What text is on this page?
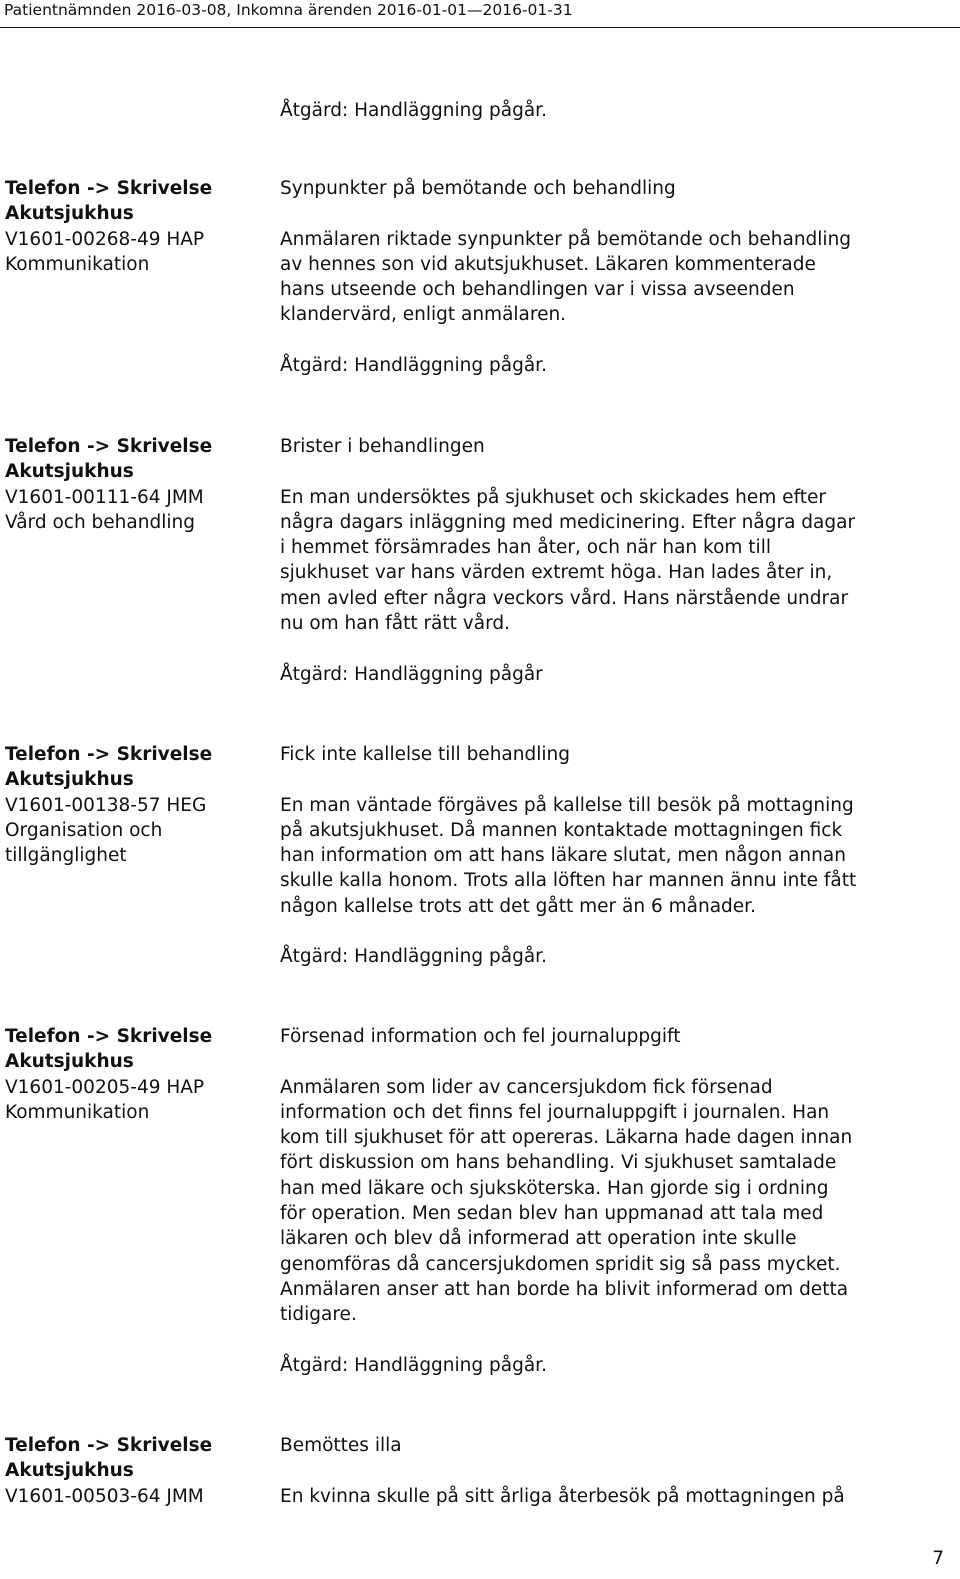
Patientnämnden 2016-03-08, Inkomna ärenden 2016-01-01—2016-01-31
Åtgärd: Handläggning pågår.
Telefon -> Skrivelse
Akutsjukhus
V1601-00268-49 HAP
Kommunikation
Synpunkter på bemötande och behandling

Anmälaren riktade synpunkter på bemötande och behandling
av hennes son vid akutsjukhuset. Läkaren kommenterade
hans utseende och behandlingen var i vissa avseenden
klandervärd, enligt anmälaren.

Åtgärd: Handläggning pågår.
Telefon -> Skrivelse
Akutsjukhus
V1601-00111-64 JMM
Vård och behandling
Brister i behandlingen

En man undersöktes på sjukhuset och skickades hem efter
några dagars inläggning med medicinering. Efter några dagar
i hemmet försämrades han åter, och när han kom till
sjukhuset var hans värden extremt höga. Han lades åter in,
men avled efter några veckors vård. Hans närstående undrar
nu om han fått rätt vård.

Åtgärd: Handläggning pågår
Telefon -> Skrivelse
Akutsjukhus
V1601-00138-57 HEG
Organisation och
tillgänglighet
Fick inte kallelse till behandling

En man väntade förgäves på kallelse till besök på mottagning
på akutsjukhuset. Då mannen kontaktade mottagningen fick
han information om att hans läkare slutat, men någon annan
skulle kalla honom. Trots alla löften har mannen ännu inte fått
någon kallelse trots att det gått mer än 6 månader.

Åtgärd: Handläggning pågår.
Telefon -> Skrivelse
Akutsjukhus
V1601-00205-49 HAP
Kommunikation
Försenad information och fel journaluppgift

Anmälaren som lider av cancersjukdom fick försenad
information och det finns fel journaluppgift i journalen. Han
kom till sjukhuset för att opereras. Läkarna hade dagen innan
fört diskussion om hans behandling. Vi sjukhuset samtalade
han med läkare och sjuksköterska. Han gjorde sig i ordning
för operation. Men sedan blev han uppmanad att tala med
läkaren och blev då informerad att operation inte skulle
genomföras då cancersjukdomen spridit sig så pass mycket.
Anmälaren anser att han borde ha blivit informerad om detta
tidigare.

Åtgärd: Handläggning pågår.
Telefon -> Skrivelse
Akutsjukhus
V1601-00503-64 JMM
Bemöttes illa

En kvinna skulle på sitt årliga återbesök på mottagningen på
7
